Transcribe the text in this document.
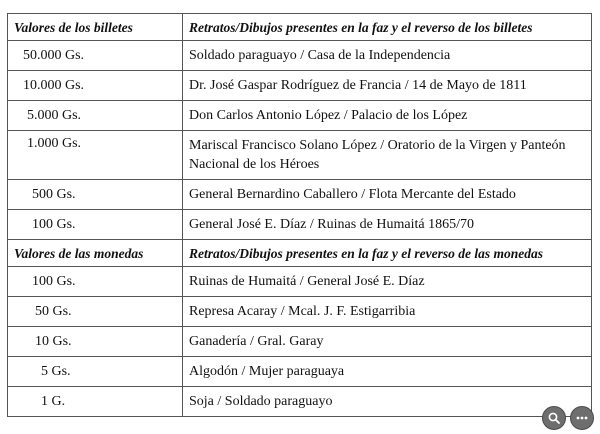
Valores de los billetes	Retratos/Dibujos presentes en la faz y el reverso de los billetes
50.000 Gs.	Soldado paraguayo / Casa de la Independencia
10.000 Gs.	Dr. José Gaspar Rodríguez de Francia / 14 de Mayo de 1811
5.000 Gs.	Don Carlos Antonio López / Palacio de los López
1.000 Gs.	Mariscal Francisco Solano López / Oratorio de la Virgen y Panteón Nacional de los Héroes
500 Gs.	General Bernardino Caballero / Flota Mercante del Estado
100 Gs.	General José E. Díaz / Ruinas de Humaitá 1865/70
Valores de las monedas	Retratos/Dibujos presentes en la faz y el reverso de las monedas
100 Gs.	Ruinas de Humaitá / General José E. Díaz
50 Gs.	Represa Acaray / Mcal. J. F. Estigarribia
10 Gs.	Ganadería / Gral. Garay
5 Gs.	Algodón / Mujer paraguaya
1 G.	Soja / Soldado paraguayo
